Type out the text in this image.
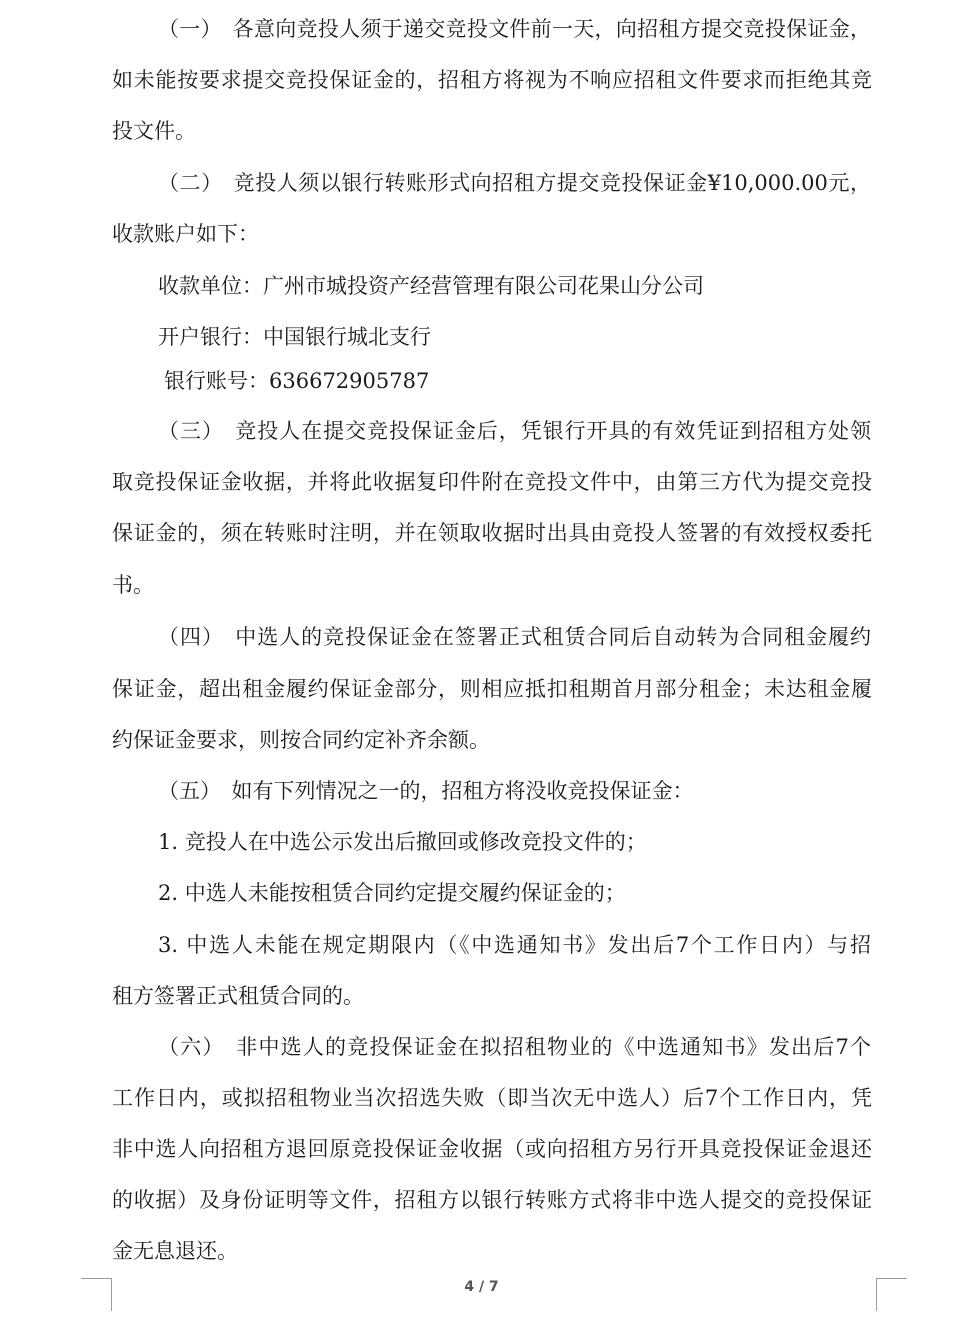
（一）　各意向竞投人须于递交竞投文件前一天，向招租方提交竞投保证金，
如未能按要求提交竞投保证金的，招租方将视为不响应招租文件要求而拒绝其竞
投文件。
（二）　竞投人须以银行转账形式向招租方提交竞投保证金¥10,000.00元，
收款账户如下：
收款单位：广州市城投资产经营管理有限公司花果山分公司
开户银行：中国银行城北支行
银行账号：636672905787
（三）　竞投人在提交竞投保证金后，凭银行开具的有效凭证到招租方处领
取竞投保证金收据，并将此收据复印件附在竞投文件中，由第三方代为提交竞投
保证金的，须在转账时注明，并在领取收据时出具由竞投人签署的有效授权委托
书。
（四）　中选人的竞投保证金在签署正式租赁合同后自动转为合同租金履约
保证金，超出租金履约保证金部分，则相应抵扣租期首月部分租金；未达租金履
约保证金要求，则按合同约定补齐余额。
（五）　如有下列情况之一的，招租方将没收竞投保证金：
1. 竞投人在中选公示发出后撤回或修改竞投文件的；
2. 中选人未能按租赁合同约定提交履约保证金的；
3. 中选人未能在规定期限内（《中选通知书》发出后7个工作日内）与招
租方签署正式租赁合同的。
（六）　非中选人的竞投保证金在拟招租物业的《中选通知书》发出后7个
工作日内，或拟招租物业当次招选失败（即当次无中选人）后7个工作日内，凭
非中选人向招租方退回原竞投保证金收据（或向招租方另行开具竞投保证金退还
的收据）及身份证明等文件，招租方以银行转账方式将非中选人提交的竞投保证
金无息退还。
4 / 7
